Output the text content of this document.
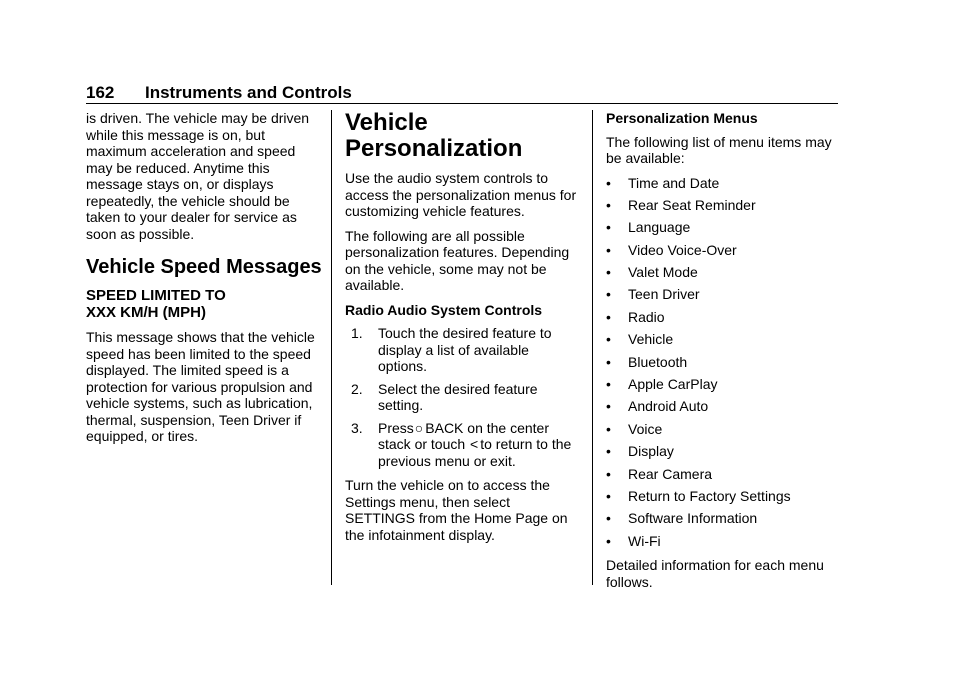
162 Instruments and Controls

is driven. The vehicle may be driven while this message is on, but maximum acceleration and speed may be reduced. Anytime this message stays on, or displays repeatedly, the vehicle should be taken to your dealer for service as soon as possible.

Vehicle Speed Messages
SPEED LIMITED TO
XXX KM/H (MPH)

This message shows that the vehicle speed has been limited to the speed displayed. The limited speed is a protection for various propulsion and vehicle systems, such as lubrication, thermal, suspension, Teen Driver if equipped, or tires.

Vehicle
Personalization

Use the audio system controls to access the personalization menus for customizing vehicle features.

The following are all possible personalization features. Depending on the vehicle, some may not be available.

Radio Audio System Controls
1. Touch the desired feature to display a list of available options.
2. Select the desired feature setting.
3. Press○ BACK on the center stack or touch < to return to the previous menu or exit.

Turn the vehicle on to access the Settings menu, then select SETTINGS from the Home Page on the infotainment display.

Personalization Menus

The following list of menu items may be available:

• Time and Date
• Rear Seat Reminder
• Language
• Video Voice-Over
• Valet Mode
• Teen Driver
• Radio
• Vehicle
• Bluetooth
• Apple CarPlay
• Android Auto
• Voice
• Display
• Rear Camera
• Return to Factory Settings
• Software Information
• Wi-Fi

Detailed information for each menu follows.
